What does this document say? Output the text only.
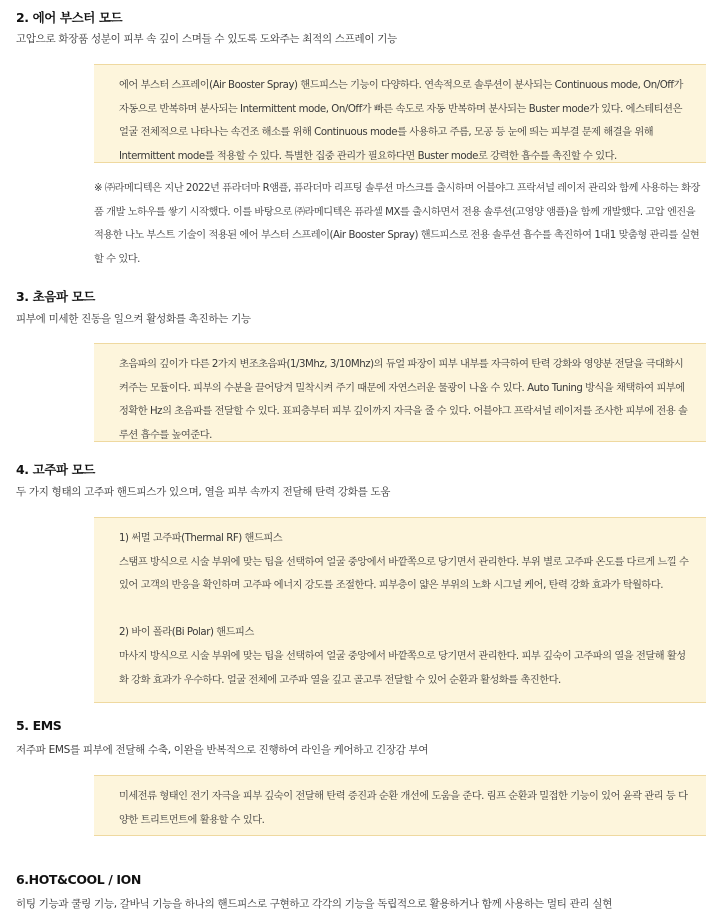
2. 에어 부스터 모드

고압으로 화장품 성분이 피부 속 깊이 스며들 수 있도록 도와주는 최적의 스프레이 기능

에어 부스터 스프레이(Air Booster Spray) 핸드피스는 기능이 다양하다. 연속적으로 솔루션이 분사되는 Continuous mode, On/Off가 자동으로 반복하며 분사되는 Intermittent mode, On/Off가 빠른 속도로 자동 반복하며 분사되는 Buster mode가 있다. 에스테티션은 얼굴 전체적으로 나타나는 속건조 해소를 위해 Continuous mode를 사용하고 주름, 모공 등 눈에 띄는 피부결 문제 해결을 위해 Intermittent mode를 적용할 수 있다. 특별한 집중 관리가 필요하다면 Buster mode로 강력한 흡수를 촉진할 수 있다.

※ ㈜라메디텍은 지난 2022년 퓨라더마 R앰플, 퓨라더마 리프팅 솔루션 마스크를 출시하며 어블야그 프락셔널 레이저 관리와 함께 사용하는 화장품 개발 노하우를 쌓기 시작했다. 이를 바탕으로 ㈜라메디텍은 퓨라셀 MX를 출시하면서 전용 솔루션(고영양 앰플)을 함께 개발했다. 고압 엔진을 적용한 나노 부스트 기술이 적용된 에어 부스터 스프레이(Air Booster Spray) 핸드피스로 전용 솔루션 흡수를 촉진하여 1대1 맞춤형 관리를 실현할 수 있다.

3. 초음파 모드

피부에 미세한 진동을 일으켜 활성화를 촉진하는 기능

초음파의 깊이가 다른 2가지 변조초음파(1/3Mhz, 3/10Mhz)의 듀얼 파장이 피부 내부를 자극하여 탄력 강화와 영양분 전달을 극대화시켜주는 모듈이다. 피부의 수분을 끌어당겨 밀착시켜 주기 때문에 자연스러운 물광이 나올 수 있다. Auto Tuning 방식을 채택하여 피부에 정확한 Hz의 초음파를 전달할 수 있다. 표피층부터 피부 깊이까지 자극을 줄 수 있다. 어블야그 프락셔널 레이저를 조사한 피부에 전용 솔루션 흡수를 높여준다.

4. 고주파 모드

두 가지 형태의 고주파 핸드피스가 있으며, 열을 피부 속까지 전달해 탄력 강화를 도움

1) 써멀 고주파(Thermal RF) 핸드피스

스탬프 방식으로 시술 부위에 맞는 팁을 선택하여 얼굴 중앙에서 바깥쪽으로 당기면서 관리한다. 부위 별로 고주파 온도를 다르게 느낄 수 있어 고객의 반응을 확인하며 고주파 에너지 강도를 조절한다. 피부층이 얇은 부위의 노화 시그널 케어, 탄력 강화 효과가 탁월하다.

2) 바이 폴라(Bi Polar) 핸드피스

마사지 방식으로 시술 부위에 맞는 팁을 선택하여 얼굴 중앙에서 바깥쪽으로 당기면서 관리한다. 피부 깊숙이 고주파의 열을 전달해 활성화 강화 효과가 우수하다. 얼굴 전체에 고주파 열을 깊고 골고루 전달할 수 있어 순환과 활성화를 촉진한다.

5. EMS

저주파 EMS를 피부에 전달해 수축, 이완을 반복적으로 진행하여 라인을 케어하고 긴장감 부여

미세전류 형태인 전기 자극을 피부 깊숙이 전달해 탄력 증진과 순환 개선에 도움을 준다. 림프 순환과 밀접한 기능이 있어 윤곽 관리 등 다양한 트리트먼트에 활용할 수 있다.

6.HOT&COOL / ION

히팅 기능과 쿨링 기능, 갈바닉 기능을 하나의 핸드피스로 구현하고 각각의 기능을 독립적으로 활용하거나 함께 사용하는 멀티 관리 실현
